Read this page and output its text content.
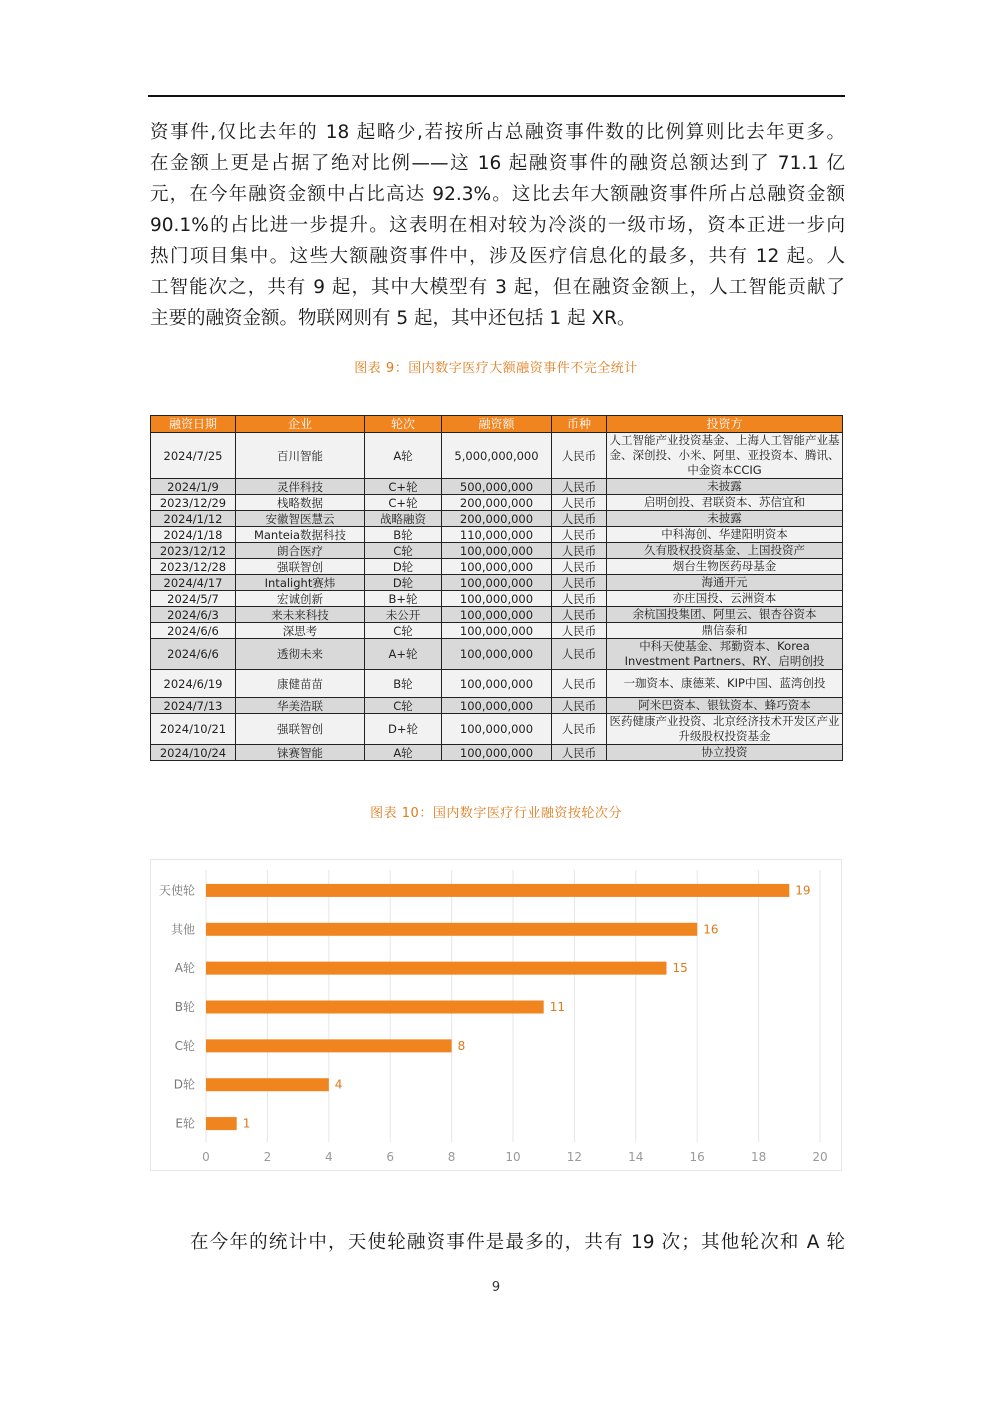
资事件,仅比去年的 18 起略少,若按所占总融资事件数的比例算则比去年更多。
在金额上更是占据了绝对比例——这 16 起融资事件的融资总额达到了 71.1 亿
元，在今年融资金额中占比高达 92.3%。这比去年大额融资事件所占总融资金额
90.1%的占比进一步提升。这表明在相对较为冷淡的一级市场，资本正进一步向
热门项目集中。这些大额融资事件中，涉及医疗信息化的最多，共有 12 起。人
工智能次之，共有 9 起，其中大模型有 3 起，但在融资金额上，人工智能贡献了
主要的融资金额。物联网则有 5 起，其中还包括 1 起 XR。
图表 9：国内数字医疗大额融资事件不完全统计
融资日期	企业	轮次	融资额	币种	投资方
2024/7/25	百川智能	A轮	5,000,000,000	人民币	人工智能产业投资基金、上海人工智能产业基金、深创投、小米、阿里、亚投资本、腾讯、中金资本CCIG
2024/1/9	灵伴科技	C+轮	500,000,000	人民币	未披露
2023/12/29	栈略数据	C+轮	200,000,000	人民币	启明创投、君联资本、苏信宜和
2024/1/12	安徽智医慧云	战略融资	200,000,000	人民币	未披露
2024/1/18	Manteia数据科技	B轮	110,000,000	人民币	中科海创、华建阳明资本
2023/12/12	朗合医疗	C轮	100,000,000	人民币	久有股权投资基金、上国投资产
2023/12/28	强联智创	D轮	100,000,000	人民币	烟台生物医药母基金
2024/4/17	Intalight赛炜	D轮	100,000,000	人民币	海通开元
2024/5/7	宏诚创新	B+轮	100,000,000	人民币	亦庄国投、云洲资本
2024/6/3	来未来科技	未公开	100,000,000	人民币	余杭国投集团、阿里云、银杏谷资本
2024/6/6	深思考	C轮	100,000,000	人民币	鼎信泰和
2024/6/6	透彻未来	A+轮	100,000,000	人民币	中科天使基金、邦勤资本、Korea Investment Partners、RY、启明创投
2024/6/19	康健苗苗	B轮	100,000,000	人民币	一珈资本、康德莱、KIP中国、蓝湾创投
2024/7/13	华美浩联	C轮	100,000,000	人民币	阿米巴资本、银钛资本、蜂巧资本
2024/10/21	强联智创	D+轮	100,000,000	人民币	医药健康产业投资、北京经济技术开发区产业升级股权投资基金
2024/10/24	铼赛智能	A轮	100,000,000	人民币	协立投资
图表 10：国内数字医疗行业融资按轮次分
0	2	4	6	8	10	12	14	16	18	20
天使轮	19
其他	16
A轮	15
B轮	11
C轮	8
D轮	4
E轮	1
在今年的统计中，天使轮融资事件是最多的，共有 19 次；其他轮次和 A 轮
9
